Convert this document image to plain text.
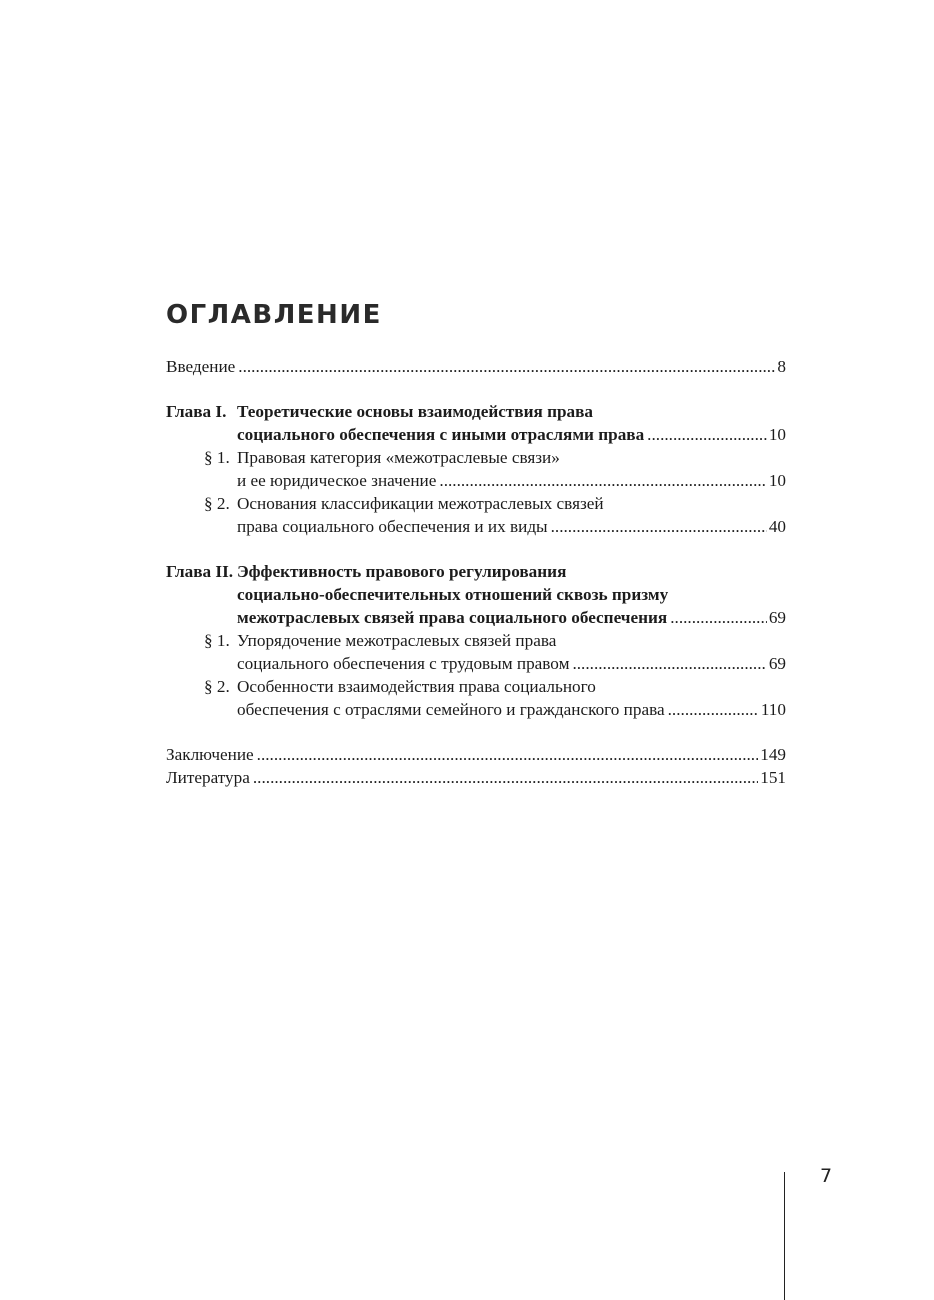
ОГЛАВЛЕНИЕ
Введение .....	8
Глава I. Теоретические основы взаимодействия права
социального обеспечения с иными отраслями права .....	10
§ 1. Правовая категория «межотраслевые связи»
и ее юридическое значение .....	10
§ 2. Основания классификации межотраслевых связей
права социального обеспечения и их виды .....	40
Глава II. Эффективность правового регулирования
социально-обеспечительных отношений сквозь призму
межотраслевых связей права социального обеспечения .....	69
§ 1. Упорядочение межотраслевых связей права
социального обеспечения с трудовым правом .....	69
§ 2. Особенности взаимодействия права социального
обеспечения с отраслями семейного и гражданского права .....	110
Заключение .....	149
Литература .....	151
7
